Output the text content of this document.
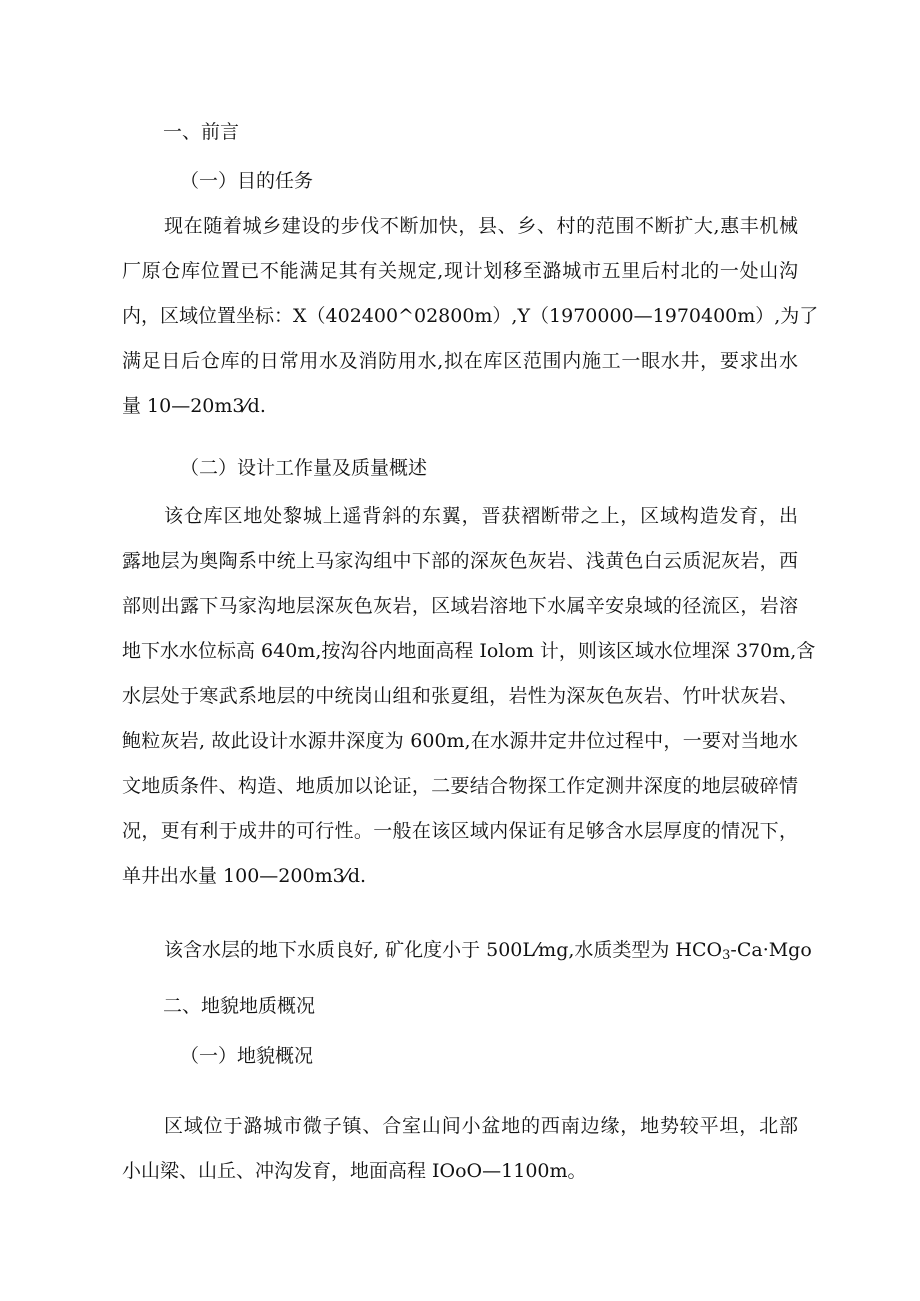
一、前言
（一）目的任务
现在随着城乡建设的步伐不断加快，县、乡、村的范围不断扩大,惠丰机械
厂原仓库位置已不能满足其有关规定,现计划移至潞城市五里后村北的一处山沟
内，区域位置坐标：X（402400^02800m）,Y（1970000—1970400m）,为了
满足日后仓库的日常用水及消防用水,拟在库区范围内施工一眼水井，要求出水
量 10—20m3⁄d.
（二）设计工作量及质量概述
该仓库区地处黎城上遥背斜的东翼，晋获褶断带之上，区域构造发育，出
露地层为奥陶系中统上马家沟组中下部的深灰色灰岩、浅黄色白云质泥灰岩，西
部则出露下马家沟地层深灰色灰岩，区域岩溶地下水属辛安泉域的径流区，岩溶
地下水水位标高 640m,按沟谷内地面高程 Iolom 计，则该区域水位埋深 370m,含
水层处于寒武系地层的中统岗山组和张夏组，岩性为深灰色灰岩、竹叶状灰岩、
鲍粒灰岩, 故此设计水源井深度为 600m,在水源井定井位过程中，一要对当地水
文地质条件、构造、地质加以论证，二要结合物探工作定测井深度的地层破碎情
况，更有利于成井的可行性。一般在该区域内保证有足够含水层厚度的情况下，
单井出水量 100—200m3⁄d.
该含水层的地下水质良好, 矿化度小于 500L⁄mg,水质类型为 $HCO_3-Ca\cdot Mgo$
二、地貌地质概况
（一）地貌概况
区域位于潞城市微子镇、合室山间小盆地的西南边缘，地势较平坦，北部
小山梁、山丘、冲沟发育，地面高程 IOoO—1100m。
